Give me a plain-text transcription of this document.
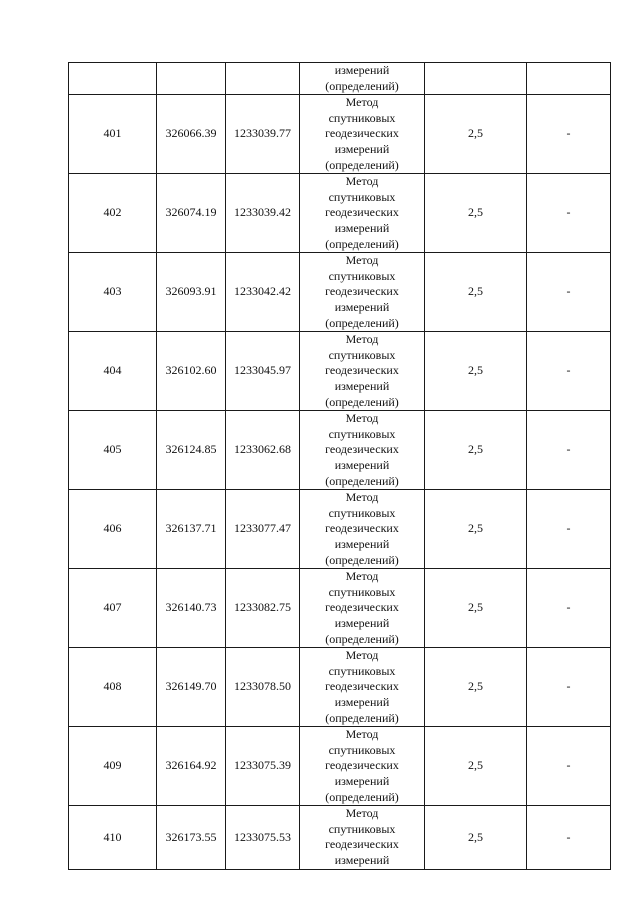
			измерений
(определений)		

401	326066.39	1233039.77	Метод
спутниковых
геодезических
измерений
(определений)	2,5	-
402	326074.19	1233039.42	Метод
спутниковых
геодезических
измерений
(определений)	2,5	-
403	326093.91	1233042.42	Метод
спутниковых
геодезических
измерений
(определений)	2,5	-
404	326102.60	1233045.97	Метод
спутниковых
геодезических
измерений
(определений)	2,5	-
405	326124.85	1233062.68	Метод
спутниковых
геодезических
измерений
(определений)	2,5	-
406	326137.71	1233077.47	Метод
спутниковых
геодезических
измерений
(определений)	2,5	-
407	326140.73	1233082.75	Метод
спутниковых
геодезических
измерений
(определений)	2,5	-
408	326149.70	1233078.50	Метод
спутниковых
геодезических
измерений
(определений)	2,5	-
409	326164.92	1233075.39	Метод
спутниковых
геодезических
измерений
(определений)	2,5	-
410	326173.55	1233075.53	Метод
спутниковых
геодезических
измерений	2,5	-
